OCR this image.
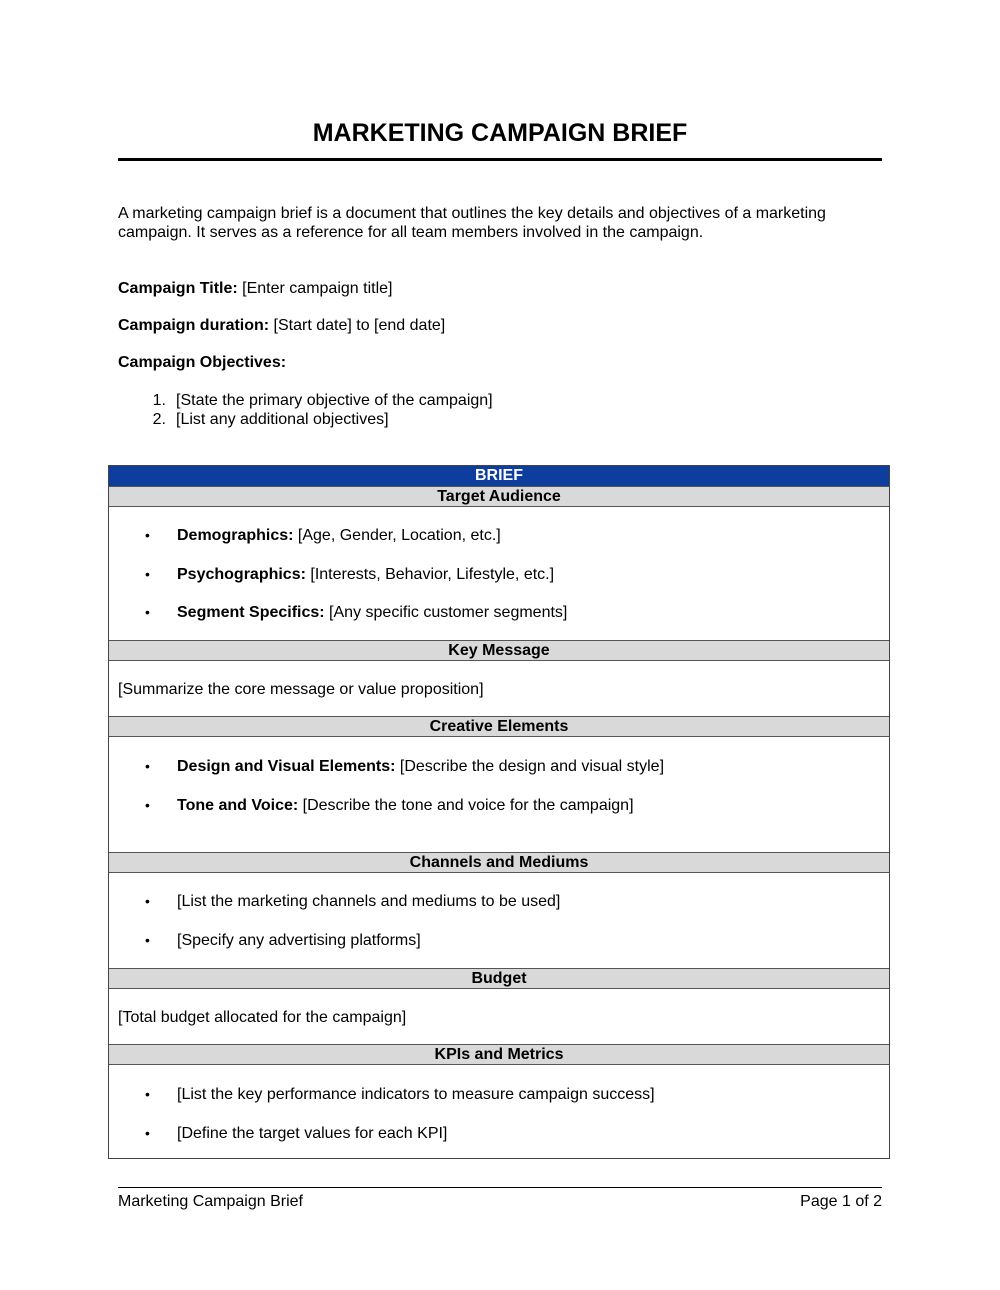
MARKETING CAMPAIGN BRIEF
A marketing campaign brief is a document that outlines the key details and objectives of a marketing campaign. It serves as a reference for all team members involved in the campaign.
Campaign Title: [Enter campaign title]
Campaign duration: [Start date] to [end date]
Campaign Objectives:
1. [State the primary objective of the campaign]
2. [List any additional objectives]
BRIEF
Target Audience
• Demographics: [Age, Gender, Location, etc.]
• Psychographics: [Interests, Behavior, Lifestyle, etc.]
• Segment Specifics: [Any specific customer segments]
Key Message
[Summarize the core message or value proposition]
Creative Elements
• Design and Visual Elements: [Describe the design and visual style]
• Tone and Voice: [Describe the tone and voice for the campaign]
Channels and Mediums
• [List the marketing channels and mediums to be used]
• [Specify any advertising platforms]
Budget
[Total budget allocated for the campaign]
KPIs and Metrics
• [List the key performance indicators to measure campaign success]
• [Define the target values for each KPI]
Marketing Campaign Brief	Page 1 of 2
